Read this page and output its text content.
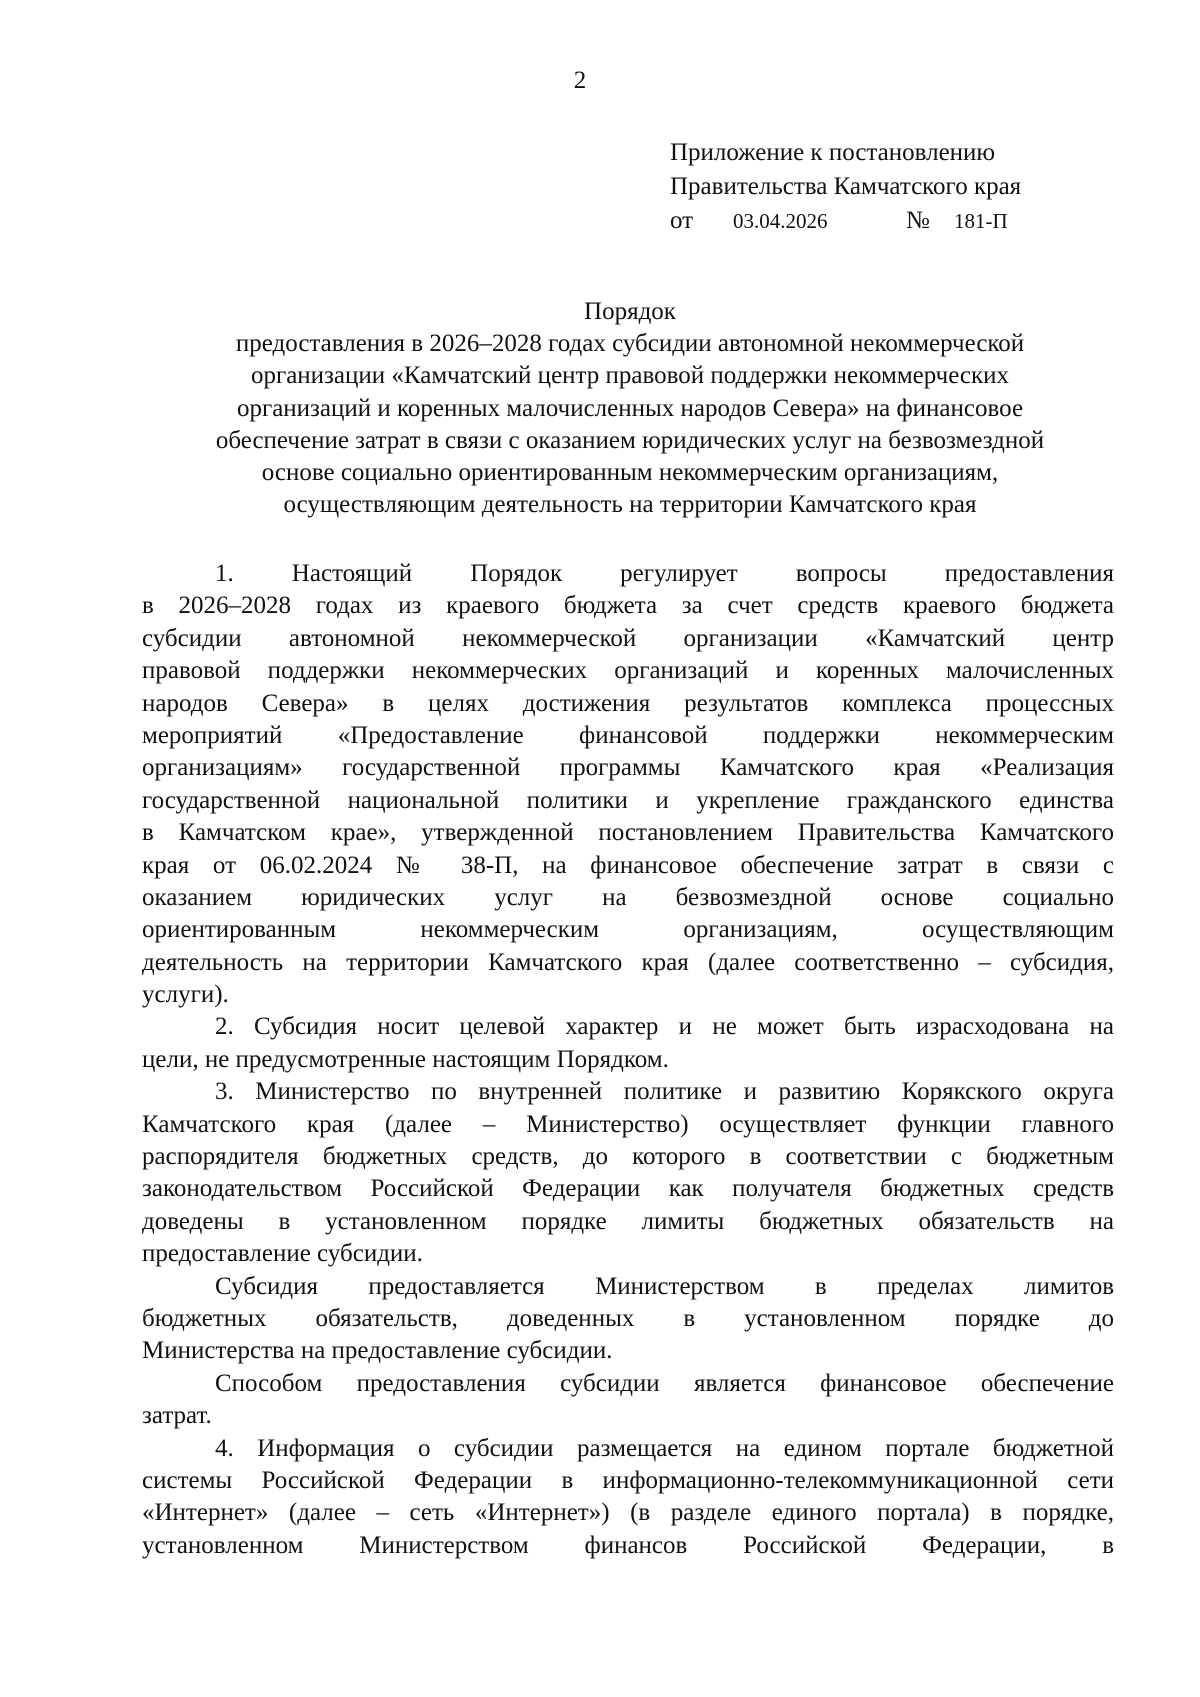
2
Приложение к постановлению
Правительства Камчатского края
от 03.04.2026	№ 181-П
Порядок
предоставления в 2026–2028 годах субсидии автономной некоммерческой
организации «Камчатский центр правовой поддержки некоммерческих
организаций и коренных малочисленных народов Севера» на финансовое
обеспечение затрат в связи с оказанием юридических услуг на безвозмездной
основе социально ориентированным некоммерческим организациям,
осуществляющим деятельность на территории Камчатского края
1. Настоящий Порядок регулирует вопросы предоставления
в 2026–2028 годах из краевого бюджета за счет средств краевого бюджета
субсидии автономной некоммерческой организации «Камчатский центр
правовой поддержки некоммерческих организаций и коренных малочисленных
народов Севера» в целях достижения результатов комплекса процессных
мероприятий «Предоставление финансовой поддержки некоммерческим
организациям» государственной программы Камчатского края «Реализация
государственной национальной политики и укрепление гражданского единства
в Камчатском крае», утвержденной постановлением Правительства Камчатского
края от 06.02.2024 № 38-П, на финансовое обеспечение затрат в связи с
оказанием юридических услуг на безвозмездной основе социально
ориентированным некоммерческим организациям, осуществляющим
деятельность на территории Камчатского края (далее соответственно – субсидия,
услуги).
2. Субсидия носит целевой характер и не может быть израсходована на
цели, не предусмотренные настоящим Порядком.
3. Министерство по внутренней политике и развитию Корякского округа
Камчатского края (далее – Министерство) осуществляет функции главного
распорядителя бюджетных средств, до которого в соответствии с бюджетным
законодательством Российской Федерации как получателя бюджетных средств
доведены в установленном порядке лимиты бюджетных обязательств на
предоставление субсидии.
Субсидия предоставляется Министерством в пределах лимитов
бюджетных обязательств, доведенных в установленном порядке до
Министерства на предоставление субсидии.
Способом предоставления субсидии является финансовое обеспечение
затрат.
4. Информация о субсидии размещается на едином портале бюджетной
системы Российской Федерации в информационно-телекоммуникационной сети
«Интернет» (далее – сеть «Интернет») (в разделе единого портала) в порядке,
установленном Министерством финансов Российской Федерации, в
